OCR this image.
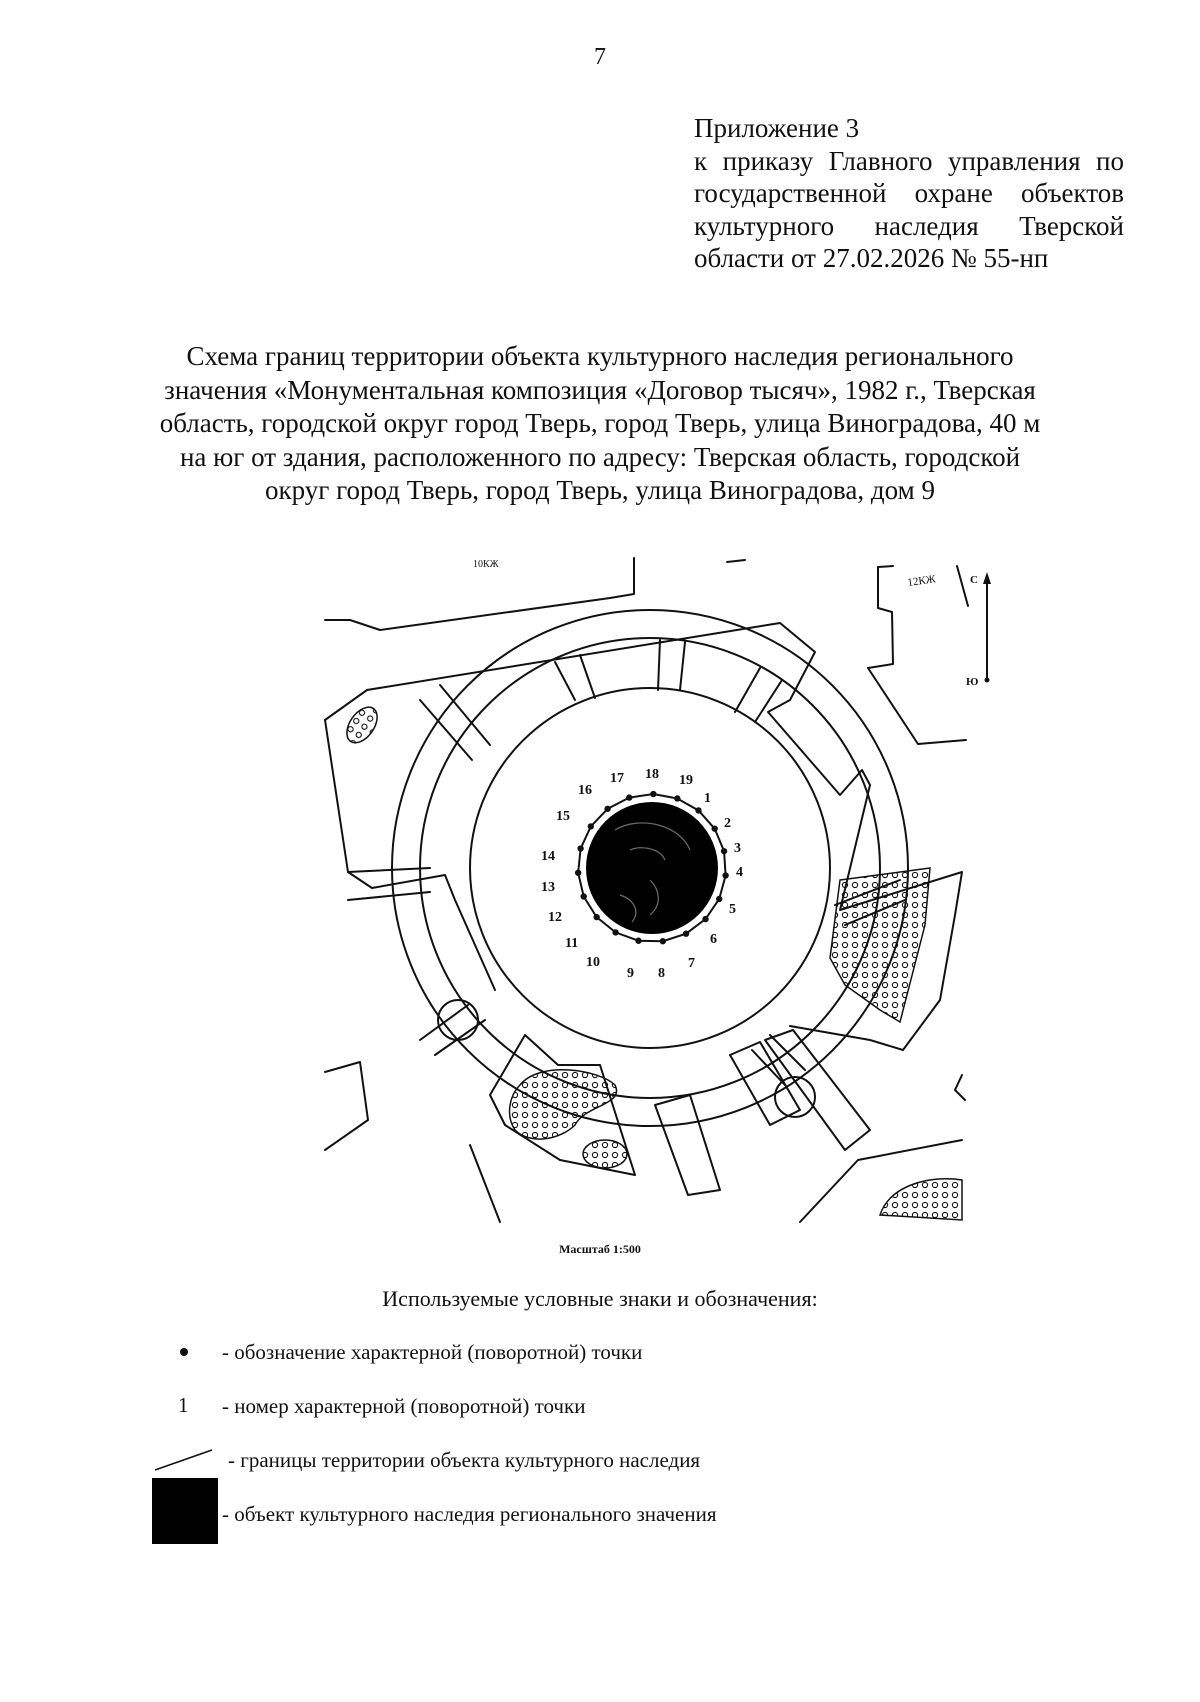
7
Приложение 3
к приказу Главного управления по
государственной охране объектов
культурного наследия Тверской
области от 27.02.2026 № 55-нп
Схема границ территории объекта культурного наследия регионального
значения «Монументальная композиция «Договор тысяч», 1982 г., Тверская
область, городской округ город Тверь, город Тверь, улица Виноградова, 40 м
на юг от здания, расположенного по адресу: Тверская область, городской
округ город Тверь, город Тверь, улица Виноградова, дом 9
1
2
3
4
5
6
7
8
9
10
11
12
13
14
15
16
17 18 19
10КЖ
12КЖ	С
Ю
Масштаб 1:500
Используемые условные знаки и обозначения:
- обозначение характерной (поворотной) точки
1 - номер характерной (поворотной) точки
- границы территории объекта культурного наследия
- объект культурного наследия регионального значения
